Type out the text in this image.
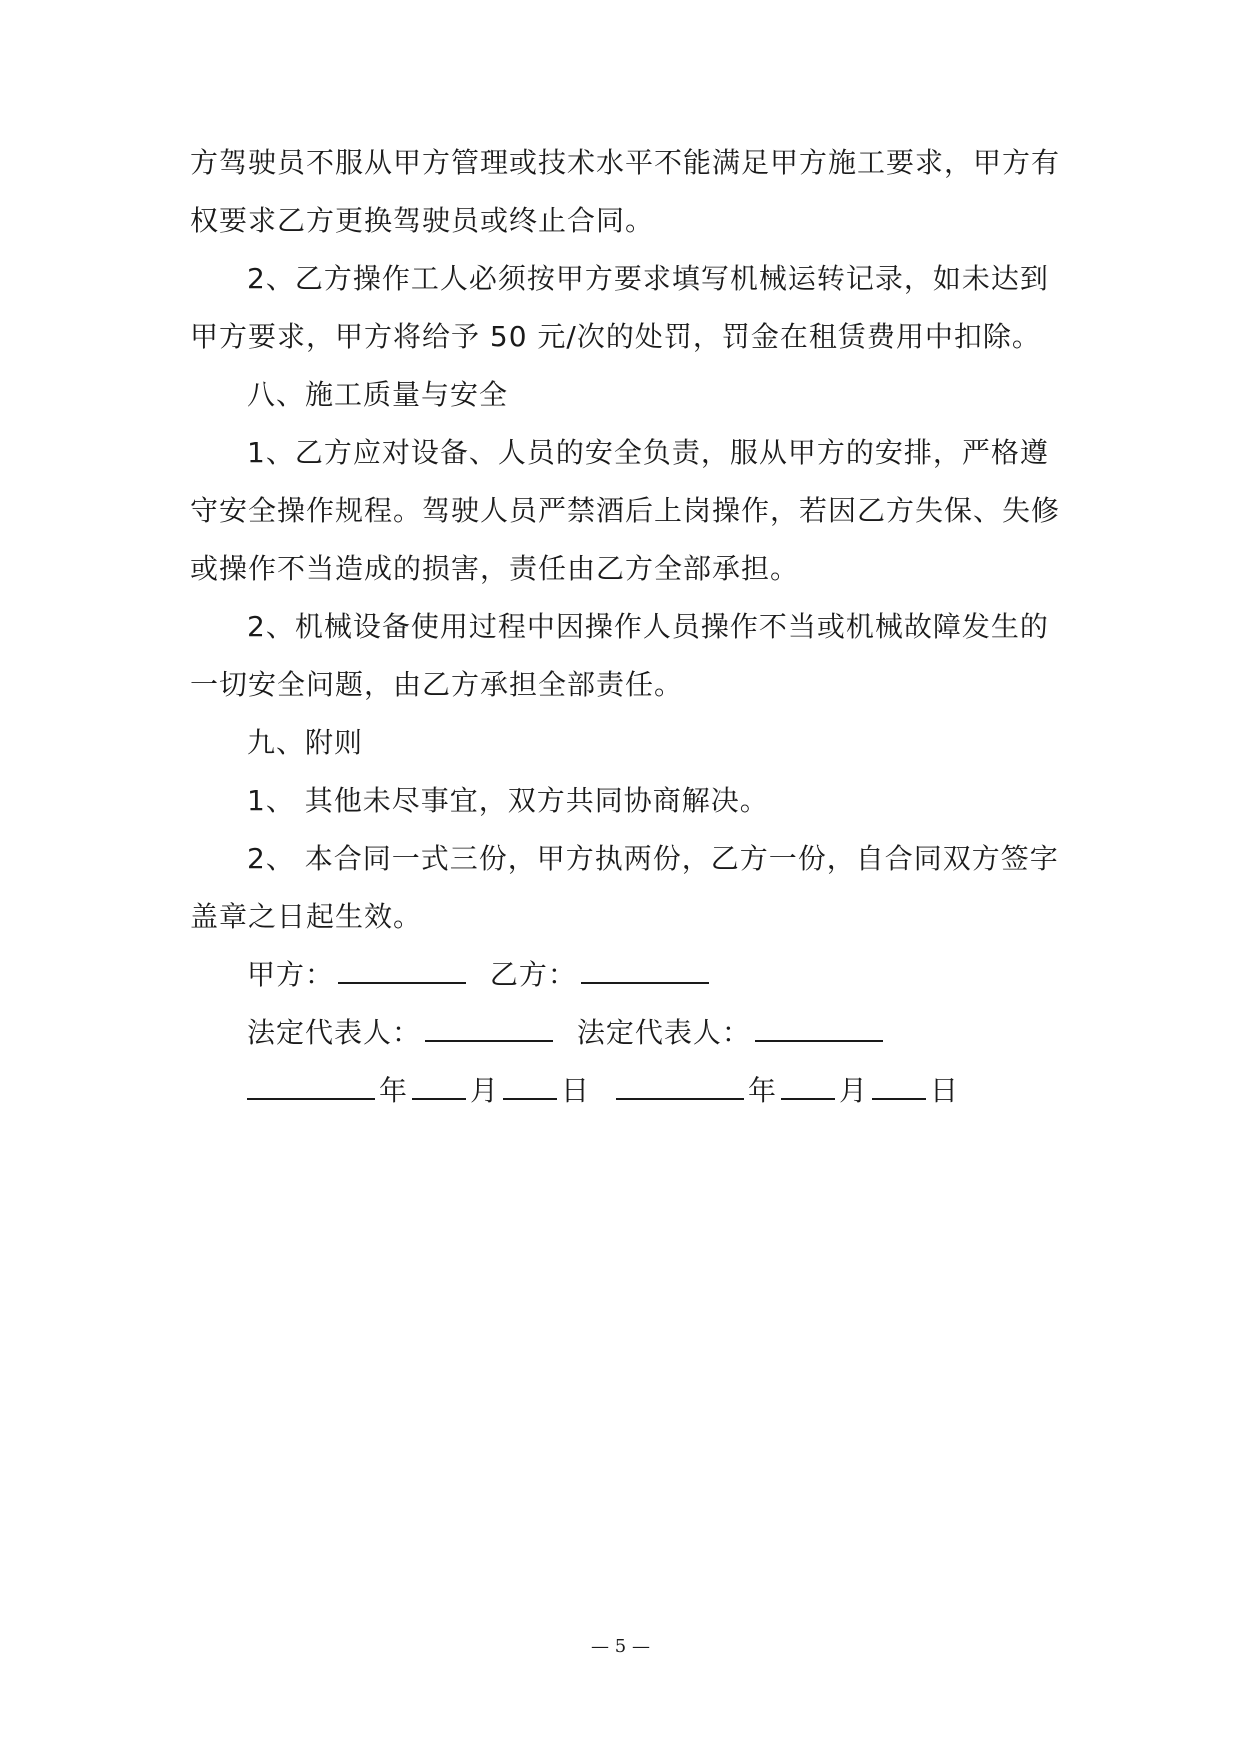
方驾驶员不服从甲方管理或技术水平不能满足甲方施工要求，甲方有
权要求乙方更换驾驶员或终止合同。
2、乙方操作工人必须按甲方要求填写机械运转记录，如未达到
甲方要求，甲方将给予 50 元/次的处罚，罚金在租赁费用中扣除。
八、施工质量与安全
1、乙方应对设备、人员的安全负责，服从甲方的安排，严格遵
守安全操作规程。驾驶人员严禁酒后上岗操作，若因乙方失保、失修
或操作不当造成的损害，责任由乙方全部承担。
2、机械设备使用过程中因操作人员操作不当或机械故障发生的
一切安全问题，由乙方承担全部责任。
九、附则
1、 其他未尽事宜，双方共同协商解决。
2、 本合同一式三份，甲方执两份，乙方一份，自合同双方签字
盖章之日起生效。
甲方：	乙方：
法定代表人：	法定代表人：
年 月 日	年 月 日
— 5 —
